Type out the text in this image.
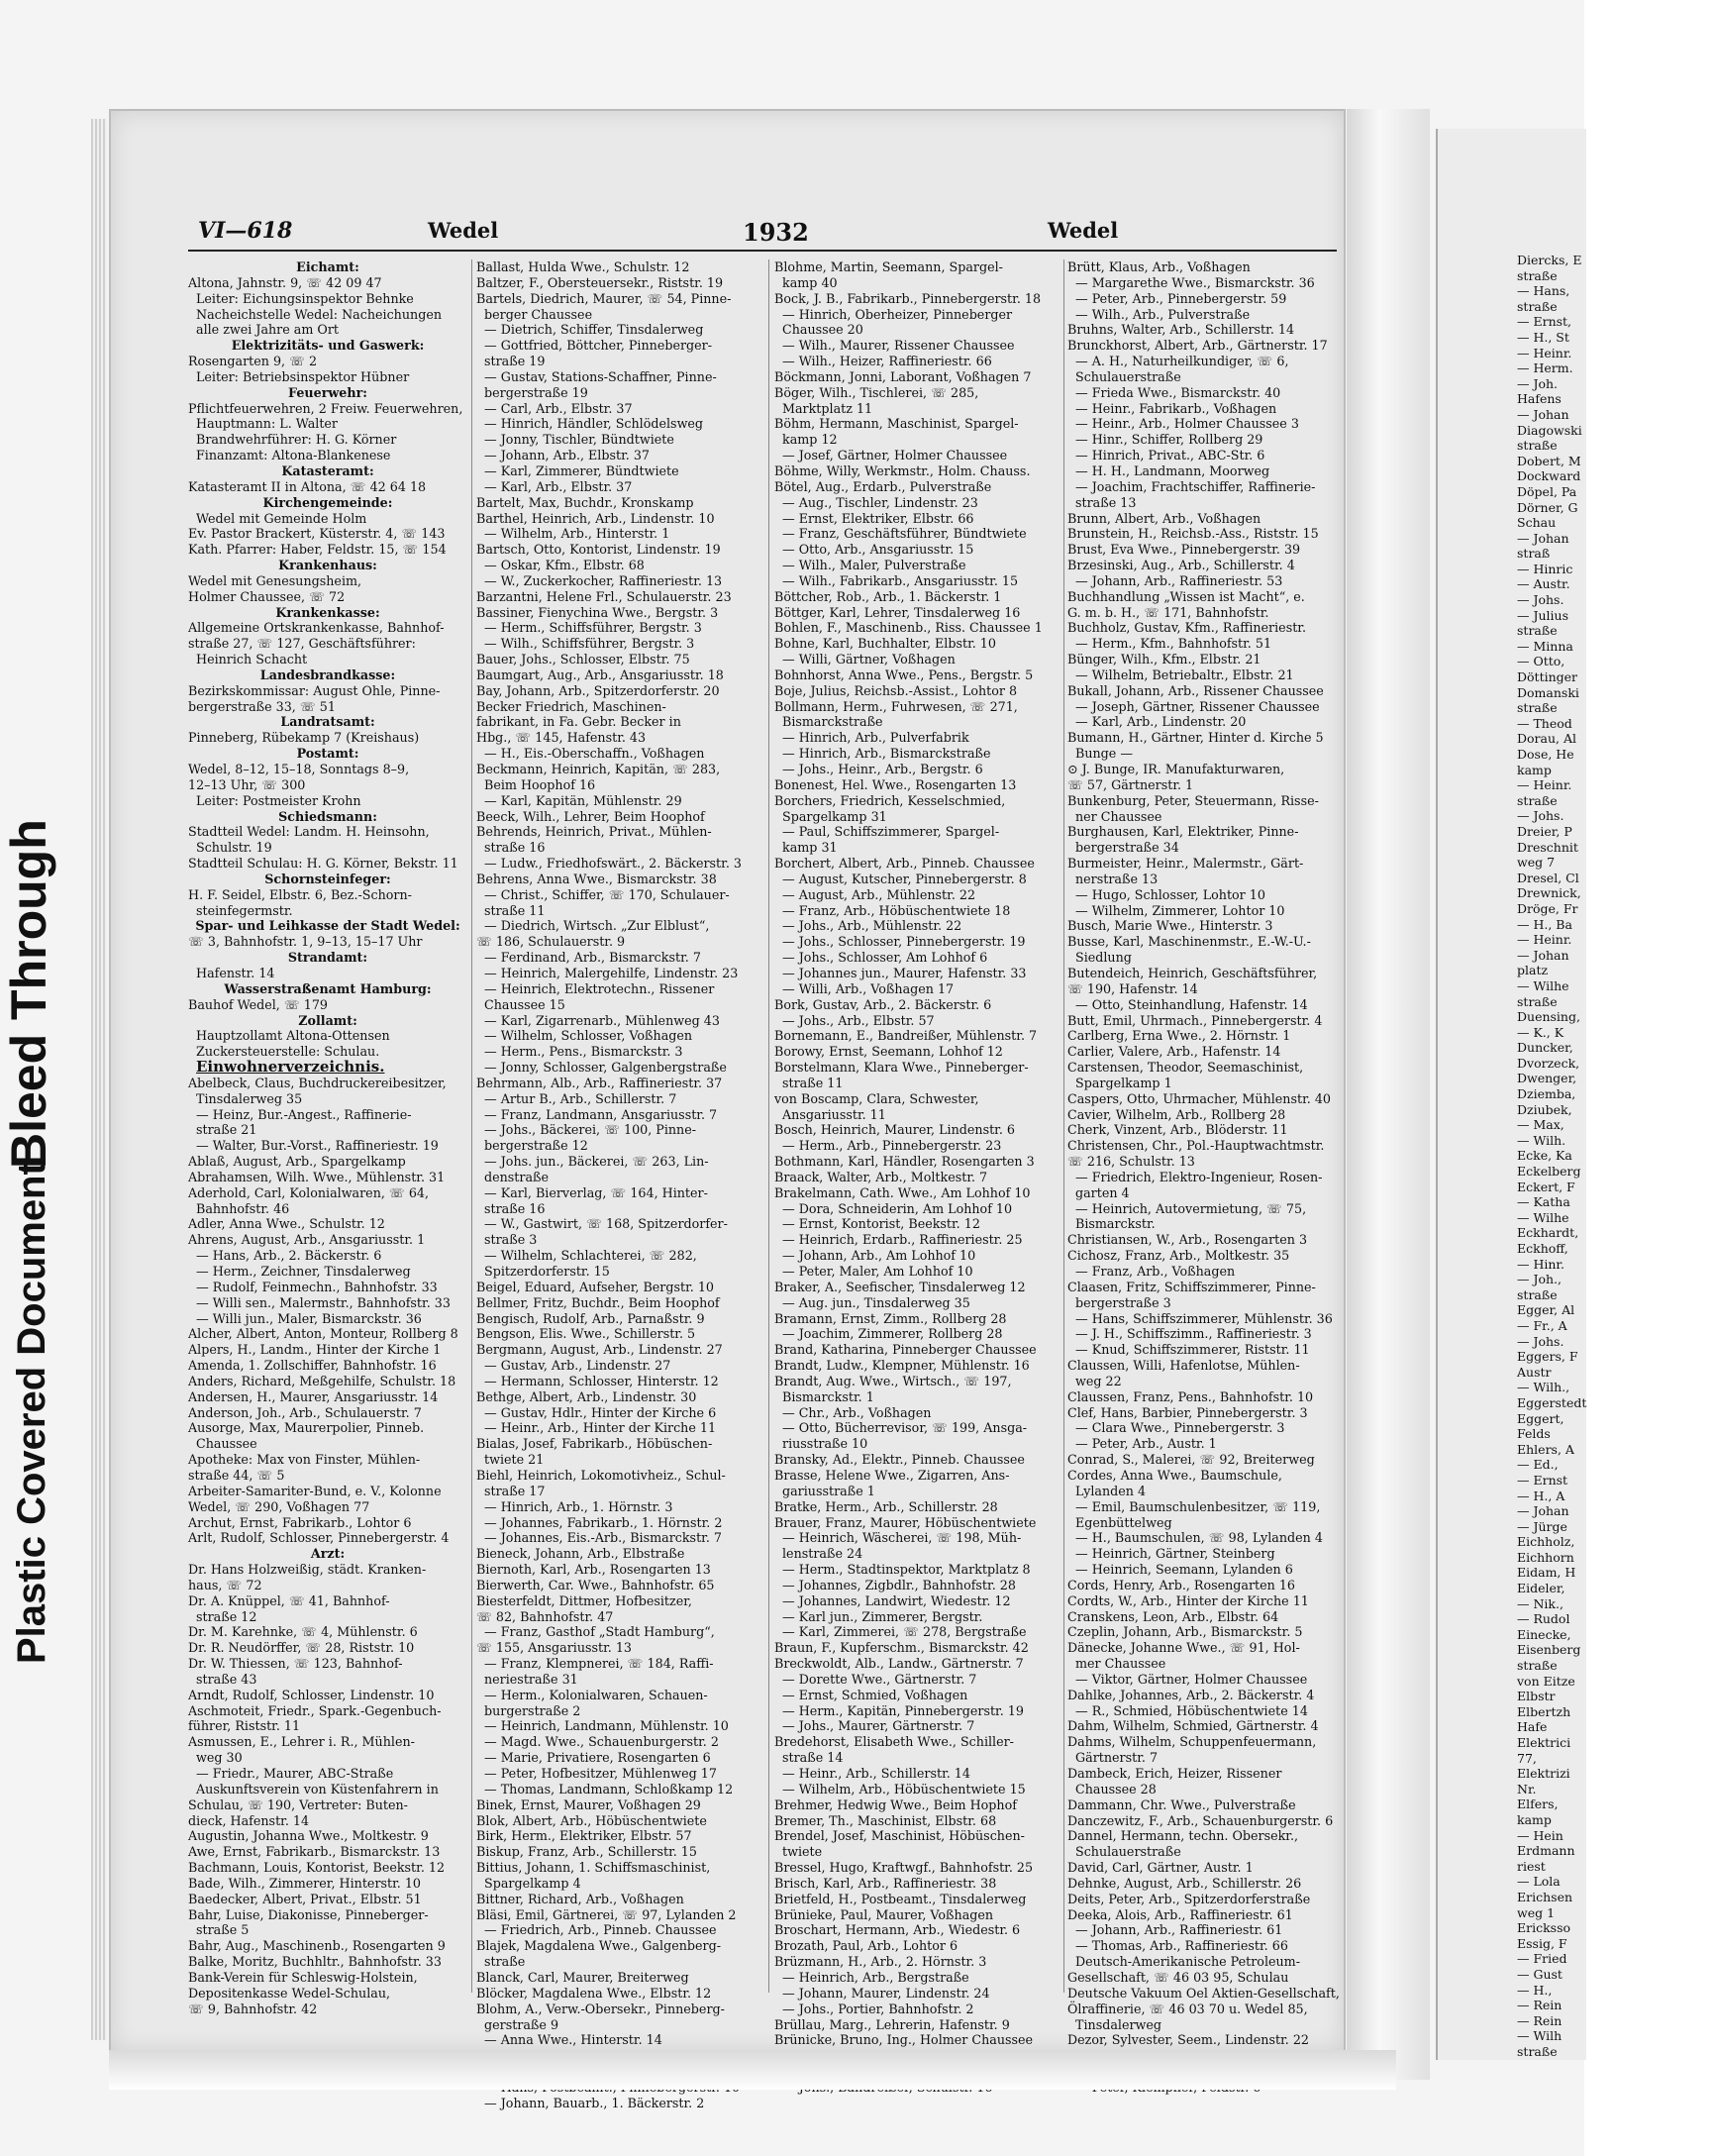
Plastic Covered Document
Bleed Through
Diercks, E
straße
— Hans,
straße
— Ernst,
— H., St
— Heinr.
— Herm.
— Joh.
Hafens
— Johan
Diagowski
straße
Dobert, M
Dockward
Döpel, Pa
Dörner, G
Schau
— Johan
straß
— Hinric
— Austr.
— Johs.
— Julius
straße
— Minna
— Otto,
Döttinger
Domanski
straße
— Theod
Dorau, Al
Dose, He
kamp
— Heinr.
straße
— Johs.
Dreier, P
Dreschnit
weg 7
Dresel, Cl
Drewnick,
Dröge, Fr
— H., Ba
— Heinr.
— Johan
platz
— Wilhe
straße
Duensing,
— K., K
Duncker,
Dvorzeck,
Dwenger,
Dziemba,
Dziubek,
— Max,
— Wilh.
Ecke, Ka
Eckelberg
Eckert, F
— Katha
— Wilhe
Eckhardt,
Eckhoff,
— Hinr.
— Joh.,
straße
Egger, Al
— Fr., A
— Johs.
Eggers, F
Austr
— Wilh.,
Eggerstedt
Eggert,
Felds
Ehlers, A
— Ed.,
— Ernst
— H., A
— Johan
— Jürge
Eichholz,
Eichhorn
Eidam, H
Eideler,
— Nik.,
— Rudol
Einecke,
Eisenberg
straße
von Eitze
Elbstr
Elbertzh
Hafe
Elektrici
77,
Elektrizi
Nr.
Elfers,
kamp
— Hein
Erdmann
riest
— Lola
Erichsen
weg 1
Ericksso
Essig, F
— Fried
— Gust
— H.,
— Rein
— Rein
— Wilh
straße
VI—618	Wedel	1932	Wedel
Eichamt:
Altona, Jahnstr. 9, ☏ 42 09 47
Leiter: Eichungsinspektor Behnke
Nacheichstelle Wedel: Nacheichungen
alle zwei Jahre am Ort
Elektrizitäts- und Gaswerk:
Rosengarten 9, ☏ 2
Leiter: Betriebsinspektor Hübner
Feuerwehr:
Pflichtfeuerwehren, 2 Freiw. Feuerwehren,
Hauptmann: L. Walter
Brandwehrführer: H. G. Körner
Finanzamt: Altona-Blankenese
Katasteramt:
Katasteramt II in Altona, ☏ 42 64 18
Kirchengemeinde:
Wedel mit Gemeinde Holm
Ev. Pastor Brackert, Küsterstr. 4, ☏ 143
Kath. Pfarrer: Haber, Feldstr. 15, ☏ 154
Krankenhaus:
Wedel mit Genesungsheim,
Holmer Chaussee, ☏ 72
Krankenkasse:
Allgemeine Ortskrankenkasse, Bahnhof-
straße 27, ☏ 127, Geschäftsführer:
Heinrich Schacht
Landesbrandkasse:
Bezirkskommissar: August Ohle, Pinne-
bergerstraße 33, ☏ 51
Landratsamt:
Pinneberg, Rübekamp 7 (Kreishaus)
Postamt:
Wedel, 8–12, 15–18, Sonntags 8–9,
12–13 Uhr, ☏ 300
Leiter: Postmeister Krohn
Schiedsmann:
Stadtteil Wedel: Landm. H. Heinsohn,
Schulstr. 19
Stadtteil Schulau: H. G. Körner, Bekstr. 11
Schornsteinfeger:
H. F. Seidel, Elbstr. 6, Bez.-Schorn-
steinfegermstr.
Spar- und Leihkasse der Stadt Wedel:
☏ 3, Bahnhofstr. 1, 9–13, 15–17 Uhr
Strandamt:
Hafenstr. 14
Wasserstraßenamt Hamburg:
Bauhof Wedel, ☏ 179
Zollamt:
Hauptzollamt Altona-Ottensen
Zuckersteuerstelle: Schulau.
Einwohnerverzeichnis.
Abelbeck, Claus, Buchdruckereibesitzer,
Tinsdalerweg 35
— Heinz, Bur.-Angest., Raffinerie-
straße 21
— Walter, Bur.-Vorst., Raffineriestr. 19
Ablaß, August, Arb., Spargelkamp
Abrahamsen, Wilh. Wwe., Mühlenstr. 31
Aderhold, Carl, Kolonialwaren, ☏ 64,
Bahnhofstr. 46
Adler, Anna Wwe., Schulstr. 12
Ahrens, August, Arb., Ansgariusstr. 1
— Hans, Arb., 2. Bäckerstr. 6
— Herm., Zeichner, Tinsdalerweg
— Rudolf, Feinmechn., Bahnhofstr. 33
— Willi sen., Malermstr., Bahnhofstr. 33
— Willi jun., Maler, Bismarckstr. 36
Alcher, Albert, Anton, Monteur, Rollberg 8
Alpers, H., Landm., Hinter der Kirche 1
Amenda, 1. Zollschiffer, Bahnhofstr. 16
Anders, Richard, Meßgehilfe, Schulstr. 18
Andersen, H., Maurer, Ansgariusstr. 14
Anderson, Joh., Arb., Schulauerstr. 7
Ausorge, Max, Maurerpolier, Pinneb.
Chaussee
Apotheke: Max von Finster, Mühlen-
straße 44, ☏ 5
Arbeiter-Samariter-Bund, e. V., Kolonne
Wedel, ☏ 290, Voßhagen 77
Archut, Ernst, Fabrikarb., Lohtor 6
Arlt, Rudolf, Schlosser, Pinnebergerstr. 4
Arzt:
Dr. Hans Holzweißig, städt. Kranken-
haus, ☏ 72
Dr. A. Knüppel, ☏ 41, Bahnhof-
straße 12
Dr. M. Karehnke, ☏ 4, Mühlenstr. 6
Dr. R. Neudörffer, ☏ 28, Riststr. 10
Dr. W. Thiessen, ☏ 123, Bahnhof-
straße 43
Arndt, Rudolf, Schlosser, Lindenstr. 10
Aschmoteit, Friedr., Spark.-Gegenbuch-
führer, Riststr. 11
Asmussen, E., Lehrer i. R., Mühlen-
weg 30
— Friedr., Maurer, ABC-Straße
Auskunftsverein von Küstenfahrern in
Schulau, ☏ 190, Vertreter: Buten-
dieck, Hafenstr. 14
Augustin, Johanna Wwe., Moltkestr. 9
Awe, Ernst, Fabrikarb., Bismarckstr. 13
Bachmann, Louis, Kontorist, Beekstr. 12
Bade, Wilh., Zimmerer, Hinterstr. 10
Baedecker, Albert, Privat., Elbstr. 51
Bahr, Luise, Diakonisse, Pinneberger-
straße 5
Bahr, Aug., Maschinenb., Rosengarten 9
Balke, Moritz, Buchhltr., Bahnhofstr. 33
Bank-Verein für Schleswig-Holstein,
Depositenkasse Wedel-Schulau,
☏ 9, Bahnhofstr. 42
Ballast, Hulda Wwe., Schulstr. 12
Baltzer, F., Obersteuersekr., Riststr. 19
Bartels, Diedrich, Maurer, ☏ 54, Pinne-
berger Chaussee
— Dietrich, Schiffer, Tinsdalerweg
— Gottfried, Böttcher, Pinneberger-
straße 19
— Gustav, Stations-Schaffner, Pinne-
bergerstraße 19
— Carl, Arb., Elbstr. 37
— Hinrich, Händler, Schlödelsweg
— Jonny, Tischler, Bündtwiete
— Johann, Arb., Elbstr. 37
— Karl, Zimmerer, Bündtwiete
— Karl, Arb., Elbstr. 37
Bartelt, Max, Buchdr., Kronskamp
Barthel, Heinrich, Arb., Lindenstr. 10
— Wilhelm, Arb., Hinterstr. 1
Bartsch, Otto, Kontorist, Lindenstr. 19
— Oskar, Kfm., Elbstr. 68
— W., Zuckerkocher, Raffineriestr. 13
Barzantni, Helene Frl., Schulauerstr. 23
Bassiner, Fienychina Wwe., Bergstr. 3
— Herm., Schiffsführer, Bergstr. 3
— Wilh., Schiffsführer, Bergstr. 3
Bauer, Johs., Schlosser, Elbstr. 75
Baumgart, Aug., Arb., Ansgariusstr. 18
Bay, Johann, Arb., Spitzerdorferstr. 20
Becker Friedrich, Maschinen-
fabrikant, in Fa. Gebr. Becker in
Hbg., ☏ 145, Hafenstr. 43
— H., Eis.-Oberschaffn., Voßhagen
Beckmann, Heinrich, Kapitän, ☏ 283,
Beim Hoophof 16
— Karl, Kapitän, Mühlenstr. 29
Beeck, Wilh., Lehrer, Beim Hoophof
Behrends, Heinrich, Privat., Mühlen-
straße 16
— Ludw., Friedhofswärt., 2. Bäckerstr. 3
Behrens, Anna Wwe., Bismarckstr. 38
— Christ., Schiffer, ☏ 170, Schulauer-
straße 11
— Diedrich, Wirtsch. „Zur Elblust“,
☏ 186, Schulauerstr. 9
— Ferdinand, Arb., Bismarckstr. 7
— Heinrich, Malergehilfe, Lindenstr. 23
— Heinrich, Elektrotechn., Rissener
Chaussee 15
— Karl, Zigarrenarb., Mühlenweg 43
— Wilhelm, Schlosser, Voßhagen
— Herm., Pens., Bismarckstr. 3
— Jonny, Schlosser, Galgenbergstraße
Behrmann, Alb., Arb., Raffineriestr. 37
— Artur B., Arb., Schillerstr. 7
— Franz, Landmann, Ansgariusstr. 7
— Johs., Bäckerei, ☏ 100, Pinne-
bergerstraße 12
— Johs. jun., Bäckerei, ☏ 263, Lin-
denstraße
— Karl, Bierverlag, ☏ 164, Hinter-
straße 16
— W., Gastwirt, ☏ 168, Spitzerdorfer-
straße 3
— Wilhelm, Schlachterei, ☏ 282,
Spitzerdorferstr. 15
Beigel, Eduard, Aufseher, Bergstr. 10
Bellmer, Fritz, Buchdr., Beim Hoophof
Bengisch, Rudolf, Arb., Parnaßstr. 9
Bengson, Elis. Wwe., Schillerstr. 5
Bergmann, August, Arb., Lindenstr. 27
— Gustav, Arb., Lindenstr. 27
— Hermann, Schlosser, Hinterstr. 12
Bethge, Albert, Arb., Lindenstr. 30
— Gustav, Hdlr., Hinter der Kirche 6
— Heinr., Arb., Hinter der Kirche 11
Bialas, Josef, Fabrikarb., Höbüschen-
twiete 21
Biehl, Heinrich, Lokomotivheiz., Schul-
straße 17
— Hinrich, Arb., 1. Hörnstr. 3
— Johannes, Fabrikarb., 1. Hörnstr. 2
— Johannes, Eis.-Arb., Bismarckstr. 7
Bieneck, Johann, Arb., Elbstraße
Biernoth, Karl, Arb., Rosengarten 13
Bierwerth, Car. Wwe., Bahnhofstr. 65
Biesterfeldt, Dittmer, Hofbesitzer,
☏ 82, Bahnhofstr. 47
— Franz, Gasthof „Stadt Hamburg“,
☏ 155, Ansgariusstr. 13
— Franz, Klempnerei, ☏ 184, Raffi-
neriestraße 31
— Herm., Kolonialwaren, Schauen-
burgerstraße 2
— Heinrich, Landmann, Mühlenstr. 10
— Magd. Wwe., Schauenburgerstr. 2
— Marie, Privatiere, Rosengarten 6
— Peter, Hofbesitzer, Mühlenweg 17
— Thomas, Landmann, Schloßkamp 12
Binek, Ernst, Maurer, Voßhagen 29
Blok, Albert, Arb., Höbüschentwiete
Birk, Herm., Elektriker, Elbstr. 57
Biskup, Franz, Arb., Schillerstr. 15
Bittius, Johann, 1. Schiffsmaschinist,
Spargelkamp 4
Bittner, Richard, Arb., Voßhagen
Bläsi, Emil, Gärtnerei, ☏ 97, Lylanden 2
— Friedrich, Arb., Pinneb. Chaussee
Blajek, Magdalena Wwe., Galgenberg-
straße
Blanck, Carl, Maurer, Breiterweg
Blöcker, Magdalena Wwe., Elbstr. 12
Blohm, A., Verw.-Obersekr., Pinneberg-
gerstraße 9
— Anna Wwe., Hinterstr. 14
— Johann, Bauarb., 1. Bäckerstr. 2
Blohme, Martin, Seemann, Spargel-
kamp 40
Bock, J. B., Fabrikarb., Pinnebergerstr. 18
— Hinrich, Oberheizer, Pinneberger
Chaussee 20
— Wilh., Maurer, Rissener Chaussee
— Wilh., Heizer, Raffineriestr. 66
Böckmann, Jonni, Laborant, Voßhagen 7
Böger, Wilh., Tischlerei, ☏ 285,
Marktplatz 11
Böhm, Hermann, Maschinist, Spargel-
kamp 12
— Josef, Gärtner, Holmer Chaussee
Böhme, Willy, Werkmstr., Holm. Chauss.
Bötel, Aug., Erdarb., Pulverstraße
— Aug., Tischler, Lindenstr. 23
— Ernst, Elektriker, Elbstr. 66
— Franz, Geschäftsführer, Bündtwiete
— Otto, Arb., Ansgariusstr. 15
— Wilh., Maler, Pulverstraße
— Wilh., Fabrikarb., Ansgariusstr. 15
Böttcher, Rob., Arb., 1. Bäckerstr. 1
Böttger, Karl, Lehrer, Tinsdalerweg 16
Bohlen, F., Maschinenb., Riss. Chaussee 1
Bohne, Karl, Buchhalter, Elbstr. 10
— Willi, Gärtner, Voßhagen
Bohnhorst, Anna Wwe., Pens., Bergstr. 5
Boje, Julius, Reichsb.-Assist., Lohtor 8
Bollmann, Herm., Fuhrwesen, ☏ 271,
Bismarckstraße
— Hinrich, Arb., Pulverfabrik
— Hinrich, Arb., Bismarckstraße
— Johs., Heinr., Arb., Bergstr. 6
Bonenest, Hel. Wwe., Rosengarten 13
Borchers, Friedrich, Kesselschmied,
Spargelkamp 31
— Paul, Schiffszimmerer, Spargel-
kamp 31
Borchert, Albert, Arb., Pinneb. Chaussee
— August, Kutscher, Pinnebergerstr. 8
— August, Arb., Mühlenstr. 22
— Franz, Arb., Höbüschentwiete 18
— Johs., Arb., Mühlenstr. 22
— Johs., Schlosser, Pinnebergerstr. 19
— Johs., Schlosser, Am Lohhof 6
— Johannes jun., Maurer, Hafenstr. 33
— Willi, Arb., Voßhagen 17
Bork, Gustav, Arb., 2. Bäckerstr. 6
— Johs., Arb., Elbstr. 57
Bornemann, E., Bandreißer, Mühlenstr. 7
Borowy, Ernst, Seemann, Lohhof 12
Borstelmann, Klara Wwe., Pinneberger-
straße 11
von Boscamp, Clara, Schwester,
Ansgariusstr. 11
Bosch, Heinrich, Maurer, Lindenstr. 6
— Herm., Arb., Pinnebergerstr. 23
Bothmann, Karl, Händler, Rosengarten 3
Braack, Walter, Arb., Moltkestr. 7
Brakelmann, Cath. Wwe., Am Lohhof 10
— Dora, Schneiderin, Am Lohhof 10
— Ernst, Kontorist, Beekstr. 12
— Heinrich, Erdarb., Raffineriestr. 25
— Johann, Arb., Am Lohhof 10
— Peter, Maler, Am Lohhof 10
Braker, A., Seefischer, Tinsdalerweg 12
— Aug. jun., Tinsdalerweg 35
Bramann, Ernst, Zimm., Rollberg 28
— Joachim, Zimmerer, Rollberg 28
Brand, Katharina, Pinneberger Chaussee
Brandt, Ludw., Klempner, Mühlenstr. 16
Brandt, Aug. Wwe., Wirtsch., ☏ 197,
Bismarckstr. 1
— Chr., Arb., Voßhagen
— Otto, Bücherrevisor, ☏ 199, Ansga-
riusstraße 10
Bransky, Ad., Elektr., Pinneb. Chaussee
Brasse, Helene Wwe., Zigarren, Ans-
gariusstraße 1
Bratke, Herm., Arb., Schillerstr. 28
Brauer, Franz, Maurer, Höbüschentwiete
— Heinrich, Wäscherei, ☏ 198, Müh-
lenstraße 24
— Herm., Stadtinspektor, Marktplatz 8
— Johannes, Zigbdlr., Bahnhofstr. 28
— Johannes, Landwirt, Wiedestr. 12
— Karl jun., Zimmerer, Bergstr.
— Karl, Zimmerei, ☏ 278, Bergstraße
Braun, F., Kupferschm., Bismarckstr. 42
Breckwoldt, Alb., Landw., Gärtnerstr. 7
— Dorette Wwe., Gärtnerstr. 7
— Ernst, Schmied, Voßhagen
— Herm., Kapitän, Pinnebergerstr. 19
— Johs., Maurer, Gärtnerstr. 7
Bredehorst, Elisabeth Wwe., Schiller-
straße 14
— Heinr., Arb., Schillerstr. 14
— Wilhelm, Arb., Höbüschentwiete 15
Brehmer, Hedwig Wwe., Beim Hophof
Bremer, Th., Maschinist, Elbstr. 68
Brendel, Josef, Maschinist, Höbüschen-
twiete
Bressel, Hugo, Kraftwgf., Bahnhofstr. 25
Brisch, Karl, Arb., Raffineriestr. 38
Brietfeld, H., Postbeamt., Tinsdalerweg
Brünieke, Paul, Maurer, Voßhagen
Broschart, Hermann, Arb., Wiedestr. 6
Brozath, Paul, Arb., Lohtor 6
Brüzmann, H., Arb., 2. Hörnstr. 3
— Heinrich, Arb., Bergstraße
— Johann, Maurer, Lindenstr. 24
— Johs., Portier, Bahnhofstr. 2
Brüllau, Marg., Lehrerin, Hafenstr. 9
Brünicke, Bruno, Ing., Holmer Chaussee
Brütt, Klaus, Arb., Voßhagen
— Margarethe Wwe., Bismarckstr. 36
— Peter, Arb., Pinnebergerstr. 59
— Wilh., Arb., Pulverstraße
Bruhns, Walter, Arb., Schillerstr. 14
Brunckhorst, Albert, Arb., Gärtnerstr. 17
— A. H., Naturheilkundiger, ☏ 6,
Schulauerstraße
— Frieda Wwe., Bismarckstr. 40
— Heinr., Fabrikarb., Voßhagen
— Heinr., Arb., Holmer Chaussee 3
— Hinr., Schiffer, Rollberg 29
— Hinrich, Privat., ABC-Str. 6
— H. H., Landmann, Moorweg
— Joachim, Frachtschiffer, Raffinerie-
straße 13
Brunn, Albert, Arb., Voßhagen
Brunstein, H., Reichsb.-Ass., Riststr. 15
Brust, Eva Wwe., Pinnebergerstr. 39
Brzesinski, Aug., Arb., Schillerstr. 4
— Johann, Arb., Raffineriestr. 53
Buchhandlung „Wissen ist Macht“, e.
G. m. b. H., ☏ 171, Bahnhofstr.
Buchholz, Gustav, Kfm., Raffineriestr.
— Herm., Kfm., Bahnhofstr. 51
Bünger, Wilh., Kfm., Elbstr. 21
— Wilhelm, Betriebaltr., Elbstr. 21
Bukall, Johann, Arb., Rissener Chaussee
— Joseph, Gärtner, Rissener Chaussee
— Karl, Arb., Lindenstr. 20
Bumann, H., Gärtner, Hinter d. Kirche 5
Bunge —
⊙ J. Bunge, IR. Manufakturwaren,
☏ 57, Gärtnerstr. 1
Bunkenburg, Peter, Steuermann, Risse-
ner Chaussee
Burghausen, Karl, Elektriker, Pinne-
bergerstraße 34
Burmeister, Heinr., Malermstr., Gärt-
nerstraße 13
— Hugo, Schlosser, Lohtor 10
— Wilhelm, Zimmerer, Lohtor 10
Busch, Marie Wwe., Hinterstr. 3
Busse, Karl, Maschinenmstr., E.-W.-U.-
Siedlung
Butendeich, Heinrich, Geschäftsführer,
☏ 190, Hafenstr. 14
— Otto, Steinhandlung, Hafenstr. 14
Butt, Emil, Uhrmach., Pinnebergerstr. 4
Carlberg, Erna Wwe., 2. Hörnstr. 1
Carlier, Valere, Arb., Hafenstr. 14
Carstensen, Theodor, Seemaschinist,
Spargelkamp 1
Caspers, Otto, Uhrmacher, Mühlenstr. 40
Cavier, Wilhelm, Arb., Rollberg 28
Cherk, Vinzent, Arb., Blöderstr. 11
Christensen, Chr., Pol.-Hauptwachtmstr.
☏ 216, Schulstr. 13
— Friedrich, Elektro-Ingenieur, Rosen-
garten 4
— Heinrich, Autovermietung, ☏ 75,
Bismarckstr.
Christiansen, W., Arb., Rosengarten 3
Cichosz, Franz, Arb., Moltkestr. 35
— Franz, Arb., Voßhagen
Claasen, Fritz, Schiffszimmerer, Pinne-
bergerstraße 3
— Hans, Schiffszimmerer, Mühlenstr. 36
— J. H., Schiffszimm., Raffineriestr. 3
— Knud, Schiffszimmerer, Riststr. 11
Claussen, Willi, Hafenlotse, Mühlen-
weg 22
Claussen, Franz, Pens., Bahnhofstr. 10
Clef, Hans, Barbier, Pinnebergerstr. 3
— Clara Wwe., Pinnebergerstr. 3
— Peter, Arb., Austr. 1
Conrad, S., Malerei, ☏ 92, Breiterweg
Cordes, Anna Wwe., Baumschule,
Lylanden 4
— Emil, Baumschulenbesitzer, ☏ 119,
Egenbüttelweg
— H., Baumschulen, ☏ 98, Lylanden 4
— Heinrich, Gärtner, Steinberg
— Heinrich, Seemann, Lylanden 6
Cords, Henry, Arb., Rosengarten 16
Cordts, W., Arb., Hinter der Kirche 11
Cranskens, Leon, Arb., Elbstr. 64
Czeplin, Johann, Arb., Bismarckstr. 5
Dänecke, Johanne Wwe., ☏ 91, Hol-
mer Chaussee
— Viktor, Gärtner, Holmer Chaussee
Dahlke, Johannes, Arb., 2. Bäckerstr. 4
— R., Schmied, Höbüschentwiete 14
Dahm, Wilhelm, Schmied, Gärtnerstr. 4
Dahms, Wilhelm, Schuppenfeuermann,
Gärtnerstr. 7
Dambeck, Erich, Heizer, Rissener
Chaussee 28
Dammann, Chr. Wwe., Pulverstraße
Danczewitz, F., Arb., Schauenburgerstr. 6
Dannel, Hermann, techn. Obersekr.,
Schulauerstraße
David, Carl, Gärtner, Austr. 1
Dehnke, August, Arb., Schillerstr. 26
Deits, Peter, Arb., Spitzerdorferstraße
Deeka, Alois, Arb., Raffineriestr. 61
— Johann, Arb., Raffineriestr. 61
— Thomas, Arb., Raffineriestr. 66
Deutsch-Amerikanische Petroleum-
Gesellschaft, ☏ 46 03 95, Schulau
Deutsche Vakuum Oel Aktien-Gesellschaft,
Ölraffinerie, ☏ 46 03 70 u. Wedel 85,
Tinsdalerweg
Dezor, Sylvester, Seem., Lindenstr. 22
